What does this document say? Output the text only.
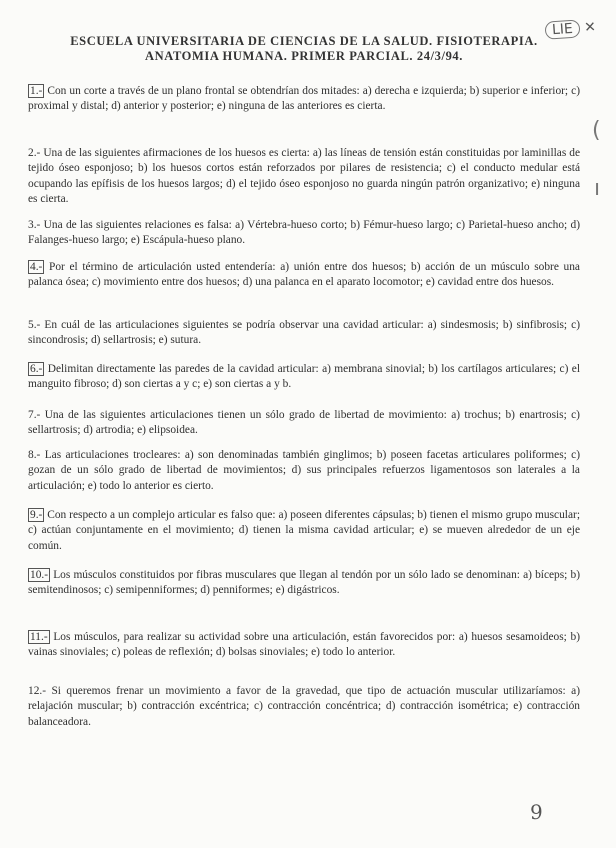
LIE ✕
ESCUELA UNIVERSITARIA DE CIENCIAS DE LA SALUD. FISIOTERAPIA.
ANATOMIA HUMANA. PRIMER PARCIAL. 24/3/94.
1.- Con un corte a través de un plano frontal se obtendrían dos mitades: a) derecha e izquierda; b) superior e inferior; c) proximal y distal; d) anterior y posterior; e) ninguna de las anteriores es cierta.
2.- Una de las siguientes afirmaciones de los huesos es cierta: a) las líneas de tensión están constituidas por laminillas de tejido óseo esponjoso; b) los huesos cortos están reforzados por pilares de resistencia; c) el conducto medular está ocupando las epífisis de los huesos largos; d) el tejido óseo esponjoso no guarda ningún patrón organizativo; e) ninguna es cierta.
3.- Una de las siguientes relaciones es falsa: a) Vértebra-hueso corto; b) Fémur-hueso largo; c) Parietal-hueso ancho; d) Falanges-hueso largo; e) Escápula-hueso plano.
4.- Por el término de articulación usted entendería: a) unión entre dos huesos; b) acción de un músculo sobre una palanca ósea; c) movimiento entre dos huesos; d) una palanca en el aparato locomotor; e) cavidad entre dos huesos.
5.- En cuál de las articulaciones siguientes se podría observar una cavidad articular: a) sindesmosis; b) sinfibrosis; c) sincondrosis; d) sellartrosis; e) sutura.
6.- Delimitan directamente las paredes de la cavidad articular: a) membrana sinovial; b) los cartílagos articulares; c) el manguito fibroso; d) son ciertas a y c; e) son ciertas a y b.
7.- Una de las siguientes articulaciones tienen un sólo grado de libertad de movimiento: a) trochus; b) enartrosis; c) sellartrosis; d) artrodia; e) elipsoidea.
8.- Las articulaciones trocleares: a) son denominadas también ginglimos; b) poseen facetas articulares poliformes; c) gozan de un sólo grado de libertad de movimientos; d) sus principales refuerzos ligamentosos son laterales a la articulación; e) todo lo anterior es cierto.
9.- Con respecto a un complejo articular es falso que: a) poseen diferentes cápsulas; b) tienen el mismo grupo muscular; c) actúan conjuntamente en el movimiento; d) tienen la misma cavidad articular; e) se mueven alrededor de un eje común.
10.- Los músculos constituidos por fibras musculares que llegan al tendón por un sólo lado se denominan: a) bíceps; b) semitendinosos; c) semipenniformes; d) penniformes; e) digástricos.
11.- Los músculos, para realizar su actividad sobre una articulación, están favorecidos por: a) huesos sesamoideos; b) vainas sinoviales; c) poleas de reflexión; d) bolsas sinoviales; e) todo lo anterior.
12.- Si queremos frenar un movimiento a favor de la gravedad, que tipo de actuación muscular utilizaríamos: a) relajación muscular; b) contracción excéntrica; c) contracción concéntrica; d) contracción isométrica; e) contracción balanceadora.
(
ı
9
